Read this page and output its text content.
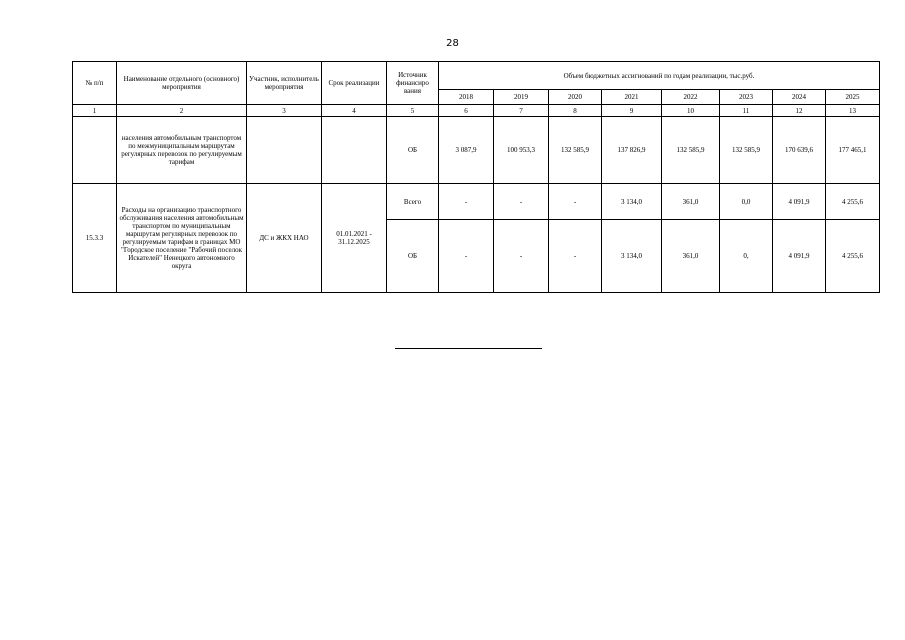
28
№ п/п	Наименование отдельного (основного) мероприятия	Участник, исполнитель мероприятия	Срок реализации	Источник финансиро вания	Объем бюджетных ассигнований по годам реализации, тыс.руб.							
					2018	2019	2020	2021	2022	2023	2024	2025
1	2	3	4	5	6	7	8	9	10	11	12	13
	населения автомобильным транспортом по межмуниципальным маршрутам регулярных перевозок по регулируемым тарифам			ОБ	3 087,9	100 953,3	132 585,9	137 826,9	132 585,9	132 585,9	170 639,6	177 465,1
15.3.3	Расходы на организацию транспортного обслуживания населения автомобильным транспортом по муниципальным маршрутам регулярных перевозок по регулируемым тарифам в границах МО "Городское поселение "Рабочий поселок Искателей" Ненецкого автономного округа	ДС и ЖКХ НАО	01.01.2021 - 31.12.2025	Всего	-	-	-	3 134,0	361,0	0,0	4 091,9	4 255,6
				ОБ	-	-	-	3 134,0	361,0	0,	4 091,9	4 255,6
